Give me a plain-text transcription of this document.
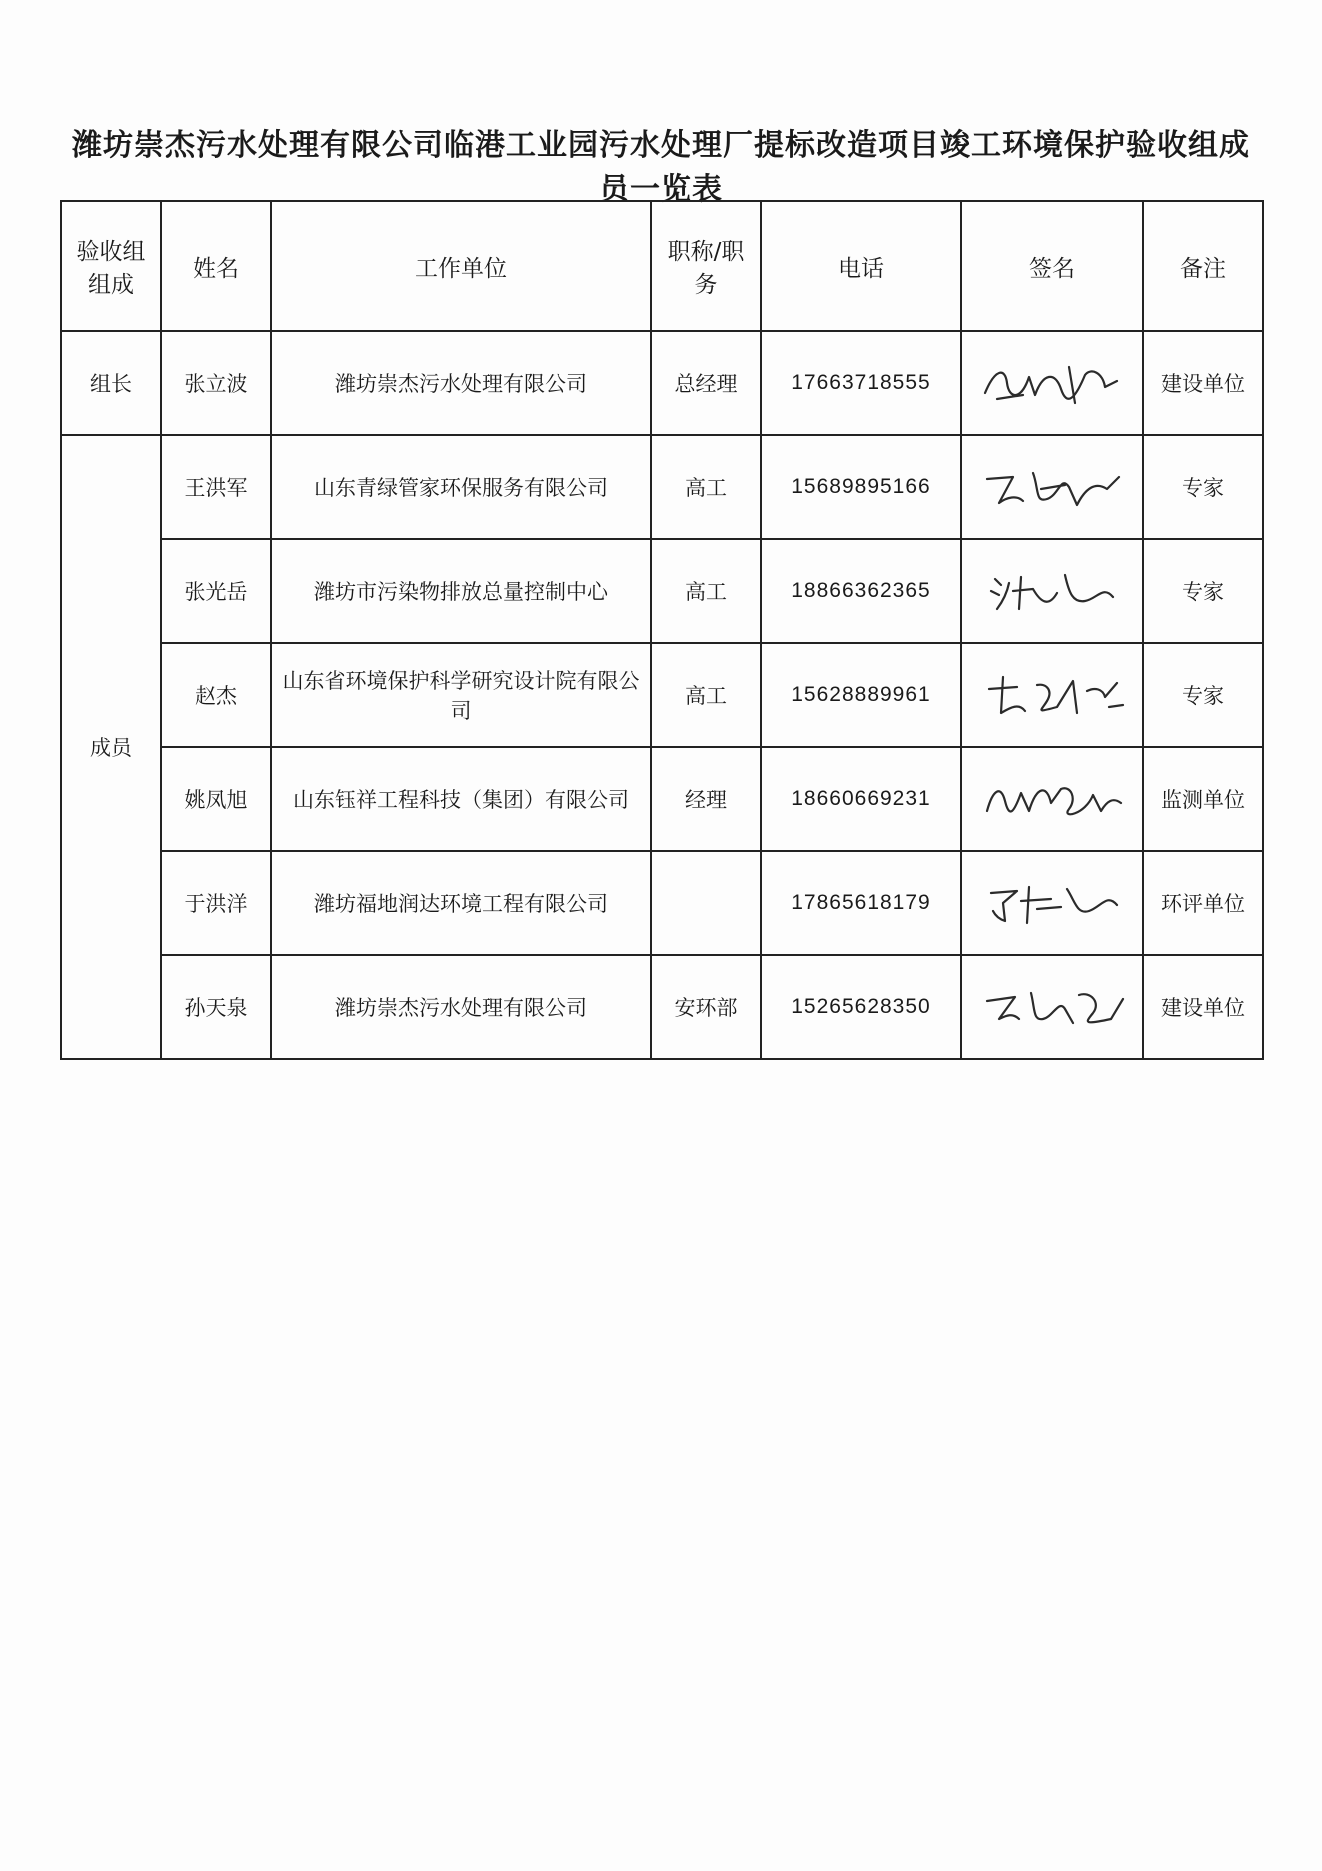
潍坊崇杰污水处理有限公司临港工业园污水处理厂提标改造项目竣工环境保护验收组成员一览表
验收组组成	姓名	工作单位	职称/职务	电话	签名	备注
组长	张立波	潍坊崇杰污水处理有限公司	总经理	17663718555		建设单位
成员	王洪军	山东青绿管家环保服务有限公司	高工	15689895166		专家
	张光岳	潍坊市污染物排放总量控制中心	高工	18866362365		专家
	赵杰	山东省环境保护科学研究设计院有限公司	高工	15628889961		专家
	姚凤旭	山东钰祥工程科技（集团）有限公司	经理	18660669231		监测单位
	于洪洋	潍坊福地润达环境工程有限公司		17865618179		环评单位
	孙天泉	潍坊崇杰污水处理有限公司	安环部	15265628350		建设单位
